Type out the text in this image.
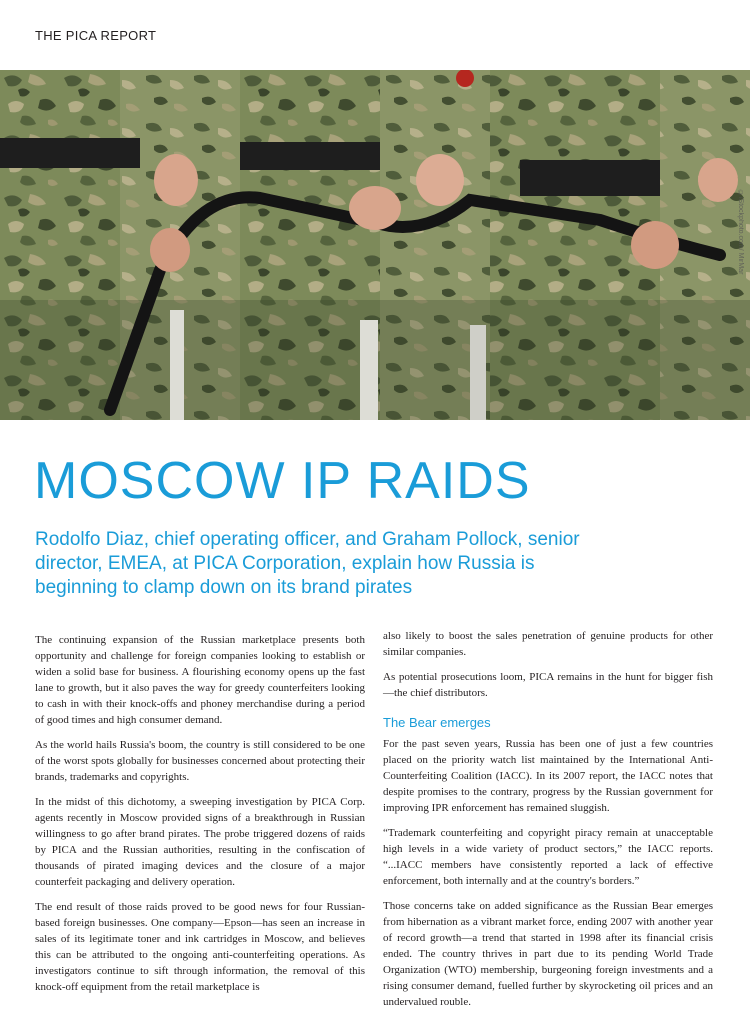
THE PICA REPORT
©iStockphoto.com/ MirMar
MOSCOW IP RAIDS

Rodolfo Diaz, chief operating officer, and Graham Pollock, senior director, EMEA, at PICA Corporation, explain how Russia is beginning to clamp down on its brand pirates

The continuing expansion of the Russian marketplace presents both opportunity and challenge for foreign companies looking to establish or widen a solid base for business. A flourishing economy opens up the fast lane to growth, but it also paves the way for greedy counterfeiters looking to cash in with their knock-offs and phoney merchandise during a period of good times and high consumer demand.

As the world hails Russia's boom, the country is still considered to be one of the worst spots globally for businesses concerned about protecting their brands, trademarks and copyrights.

In the midst of this dichotomy, a sweeping investigation by PICA Corp. agents recently in Moscow provided signs of a breakthrough in Russian willingness to go after brand pirates. The probe triggered dozens of raids by PICA and the Russian authorities, resulting in the confiscation of thousands of pirated imaging devices and the closure of a major counterfeit packaging and delivery operation.

The end result of those raids proved to be good news for four Russian-based foreign businesses. One company—Epson—has seen an increase in sales of its legitimate toner and ink cartridges in Moscow, and believes this can be attributed to the ongoing anti-counterfeiting operations. As investigators continue to sift through information, the removal of this knock-off equipment from the retail marketplace is

also likely to boost the sales penetration of genuine products for other similar companies.

As potential prosecutions loom, PICA remains in the hunt for bigger fish—the chief distributors.

The Bear emerges

For the past seven years, Russia has been one of just a few countries placed on the priority watch list maintained by the International Anti-Counterfeiting Coalition (IACC). In its 2007 report, the IACC notes that despite promises to the contrary, progress by the Russian government for improving IPR enforcement has remained sluggish.

“Trademark counterfeiting and copyright piracy remain at unacceptable high levels in a wide variety of product sectors,” the IACC reports. “...IACC members have consistently reported a lack of effective enforcement, both internally and at the country's borders.”

Those concerns take on added significance as the Russian Bear emerges from hibernation as a vibrant market force, ending 2007 with another year of record growth—a trend that started in 1998 after its financial crisis ended. The country thrives in part due to its pending World Trade Organization (WTO) membership, burgeoning foreign investments and a rising consumer demand, fuelled further by skyrocketing oil prices and an undervalued rouble.
